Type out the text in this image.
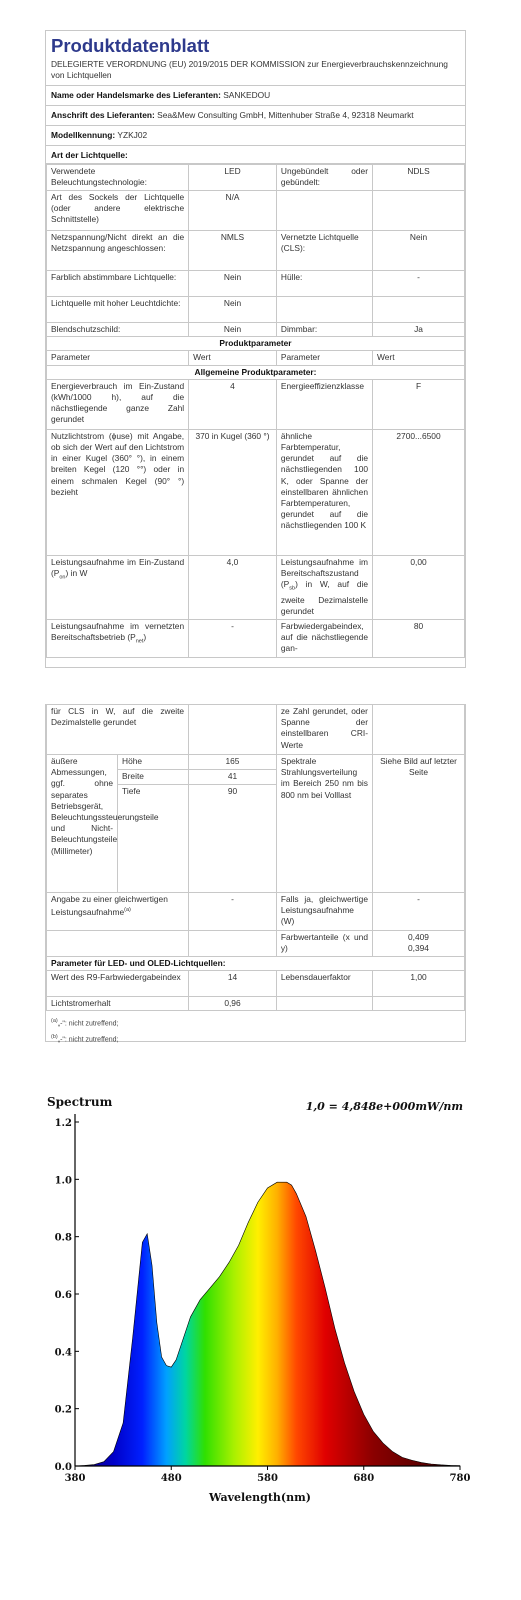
Produktdatenblatt
DELEGIERTE VERORDNUNG (EU) 2019/2015 DER KOMMISSION zur Energieverbrauchskennzeichnung von Lichtquellen
Name oder Handelsmarke des Lieferanten: SANKEDOU
Anschrift des Lieferanten: Sea&Mew Consulting GmbH, Mittenhuber Straße 4, 92318 Neumarkt
Modellkennung: YZKJ02
Art der Lichtquelle:
Verwendete Beleuchtungstechnologie:	LED	Ungebündelt oder gebündelt:	NDLS
Art des Sockels der Lichtquelle (oder andere elektrische Schnittstelle)	N/A		
Netzspannung/Nicht direkt an die Netzspannung angeschlossen:	NMLS	Vernetzte Lichtquelle (CLS):	Nein
Farblich abstimmbare Lichtquelle:	Nein	Hülle:	-
Lichtquelle mit hoher Leuchtdichte:	Nein		
Blendschutzschild:	Nein	Dimmbar:	Ja
Produktparameter			
Parameter	Wert	Parameter	Wert
Allgemeine Produktparameter:			
Energieverbrauch im Ein-Zustand (kWh/1000 h), auf die nächstliegende ganze Zahl gerundet	4	Energieeffizienzklasse	F
Nutzlichtstrom (ϕuse) mit Angabe, ob sich der Wert auf den Lichtstrom in einer Kugel (360° °), in einem breiten Kegel (120 °°) oder in einem schmalen Kegel (90° °) bezieht	370 in Kugel (360 °)	ähnliche Farbtemperatur, gerundet auf die nächstliegenden 100 K, oder Spanne der einstellbaren ähnlichen Farbtemperaturen, gerundet auf die nächstliegenden 100 K	2700...6500
Leistungsaufnahme im Ein-Zustand $(P_{on})$ in W	4,0	Leistungsaufnahme im Bereitschaftszustand $(P_{sb})$ in W, auf die zweite Dezimalstelle gerundet	0,00
Leistungsaufnahme im vernetzten Bereitschaftsbetrieb $(P_{net})$	-	Farbwiedergabeindex, auf die nächstliegende gan-	80
für CLS in W, auf die zweite Dezimalstelle gerundet			ze Zahl gerundet, oder Spanne der einstellbaren CRI-Werte	
äußere Abmessungen, ggf. ohne separates Betriebsgerät, Beleuchtungssteuerungsteile und Nicht-Beleuchtungsteile (Millimeter)	Höhe	165	Spektrale Strahlungsverteilung im Bereich 250 nm bis 800 nm bei Volllast	Siehe Bild auf letzter Seite
	Breite	41		
	Tiefe	90		
Angabe zu einer gleichwertigen Leistungsaufnahme$^{(a)}$		-	Falls ja, gleichwertige Leistungsaufnahme (W)	-
			Farbwertanteile (x und y)	0,409
0,394

Parameter für LED- und OLED-Lichtquellen:				
Wert des R9-Farbwiedergabeindex		14	Lebensdauerfaktor	1,00
Lichtstromerhalt		0,96		
$^{(a)}$„-": nicht zutreffend;
$^{(b)}$„-": nicht zutreffend;
Spectrum	1,0 = 4,848e+000mW/nm
0.0
0.2
0.4
0.6
0.8
1.0
1.2
380	480	580	680	780
Wavelength(nm)
